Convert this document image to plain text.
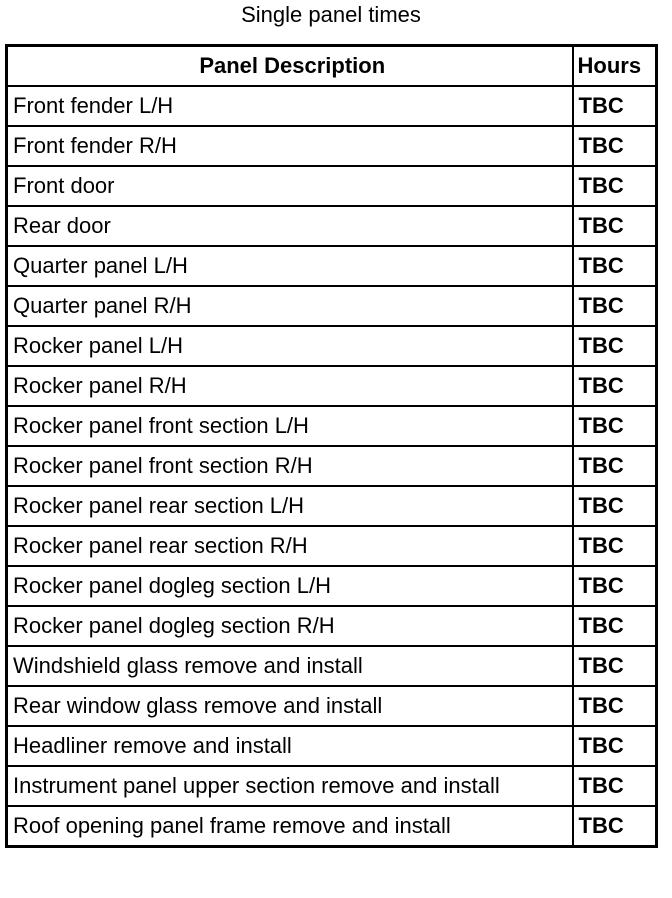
Single panel times
Panel Description	Hours
Front fender L/H	TBC
Front fender R/H	TBC
Front door	TBC
Rear door	TBC
Quarter panel L/H	TBC
Quarter panel R/H	TBC
Rocker panel L/H	TBC
Rocker panel R/H	TBC
Rocker panel front section L/H	TBC
Rocker panel front section R/H	TBC
Rocker panel rear section L/H	TBC
Rocker panel rear section R/H	TBC
Rocker panel dogleg section L/H	TBC
Rocker panel dogleg section R/H	TBC
Windshield glass remove and install	TBC
Rear window glass remove and install	TBC
Headliner remove and install	TBC
Instrument panel upper section remove and install	TBC
Roof opening panel frame remove and install	TBC
